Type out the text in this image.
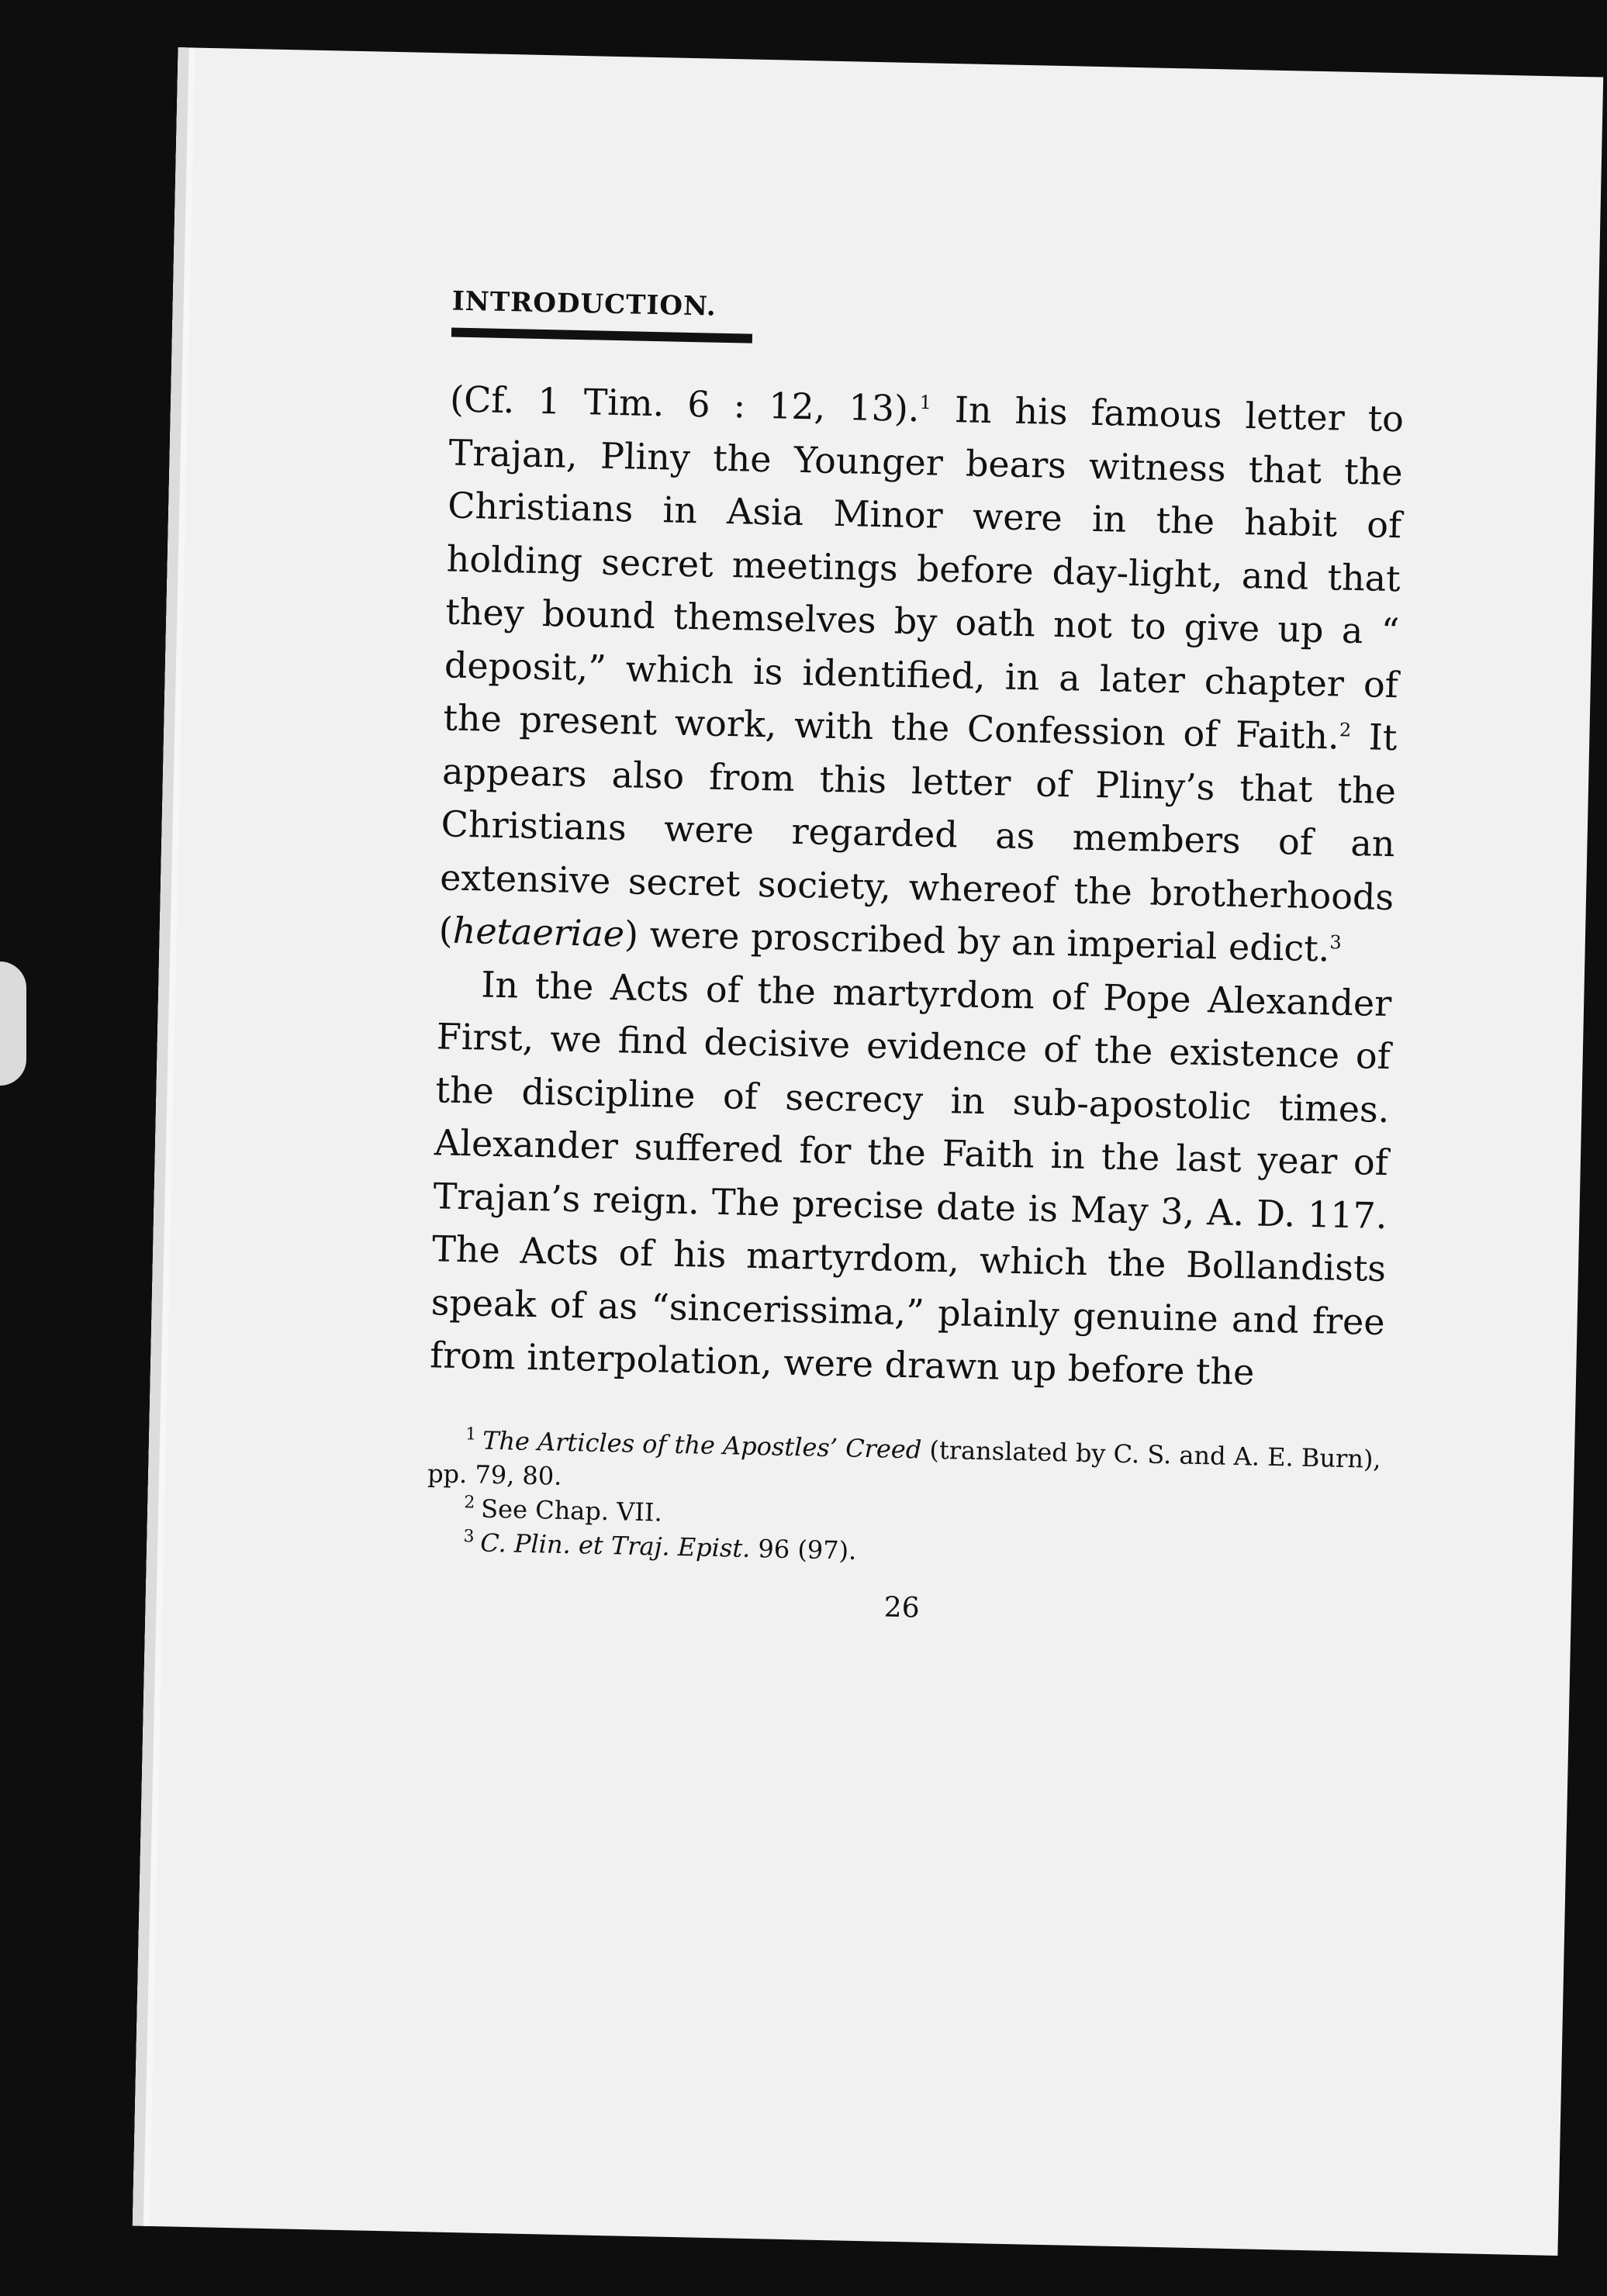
INTRODUCTION.

(Cf. 1 Tim. 6 : 12, 13).$^1$ In his famous letter to Trajan, Pliny the Younger bears witness that the Christians in Asia Minor were in the habit of holding secret meetings before day-light, and that they bound themselves by oath not to give up a “ deposit,” which is identified, in a later chapter of the present work, with the Confession of Faith.$^2$ It appears also from this letter of Pliny’s that the Christians were regarded as members of an extensive secret society, whereof the brotherhoods (hetaeriae) were proscribed by an imperial edict.$^3$

In the Acts of the martyrdom of Pope Alexander First, we find decisive evidence of the existence of the discipline of secrecy in sub-apostolic times. Alexander suffered for the Faith in the last year of Trajan’s reign. The precise date is May 3, A. D. 117. The Acts of his martyrdom, which the Bollandists speak of as “sincerissima,” plainly genuine and free from interpolation, were drawn up before the

$^1$ The Articles of the Apostles’ Creed (translated by C. S. and A. E. Burn), pp. 79, 80.

$^2$ See Chap. VII.

$^3$ C. Plin. et Traj. Epist. 96 (97).

26
